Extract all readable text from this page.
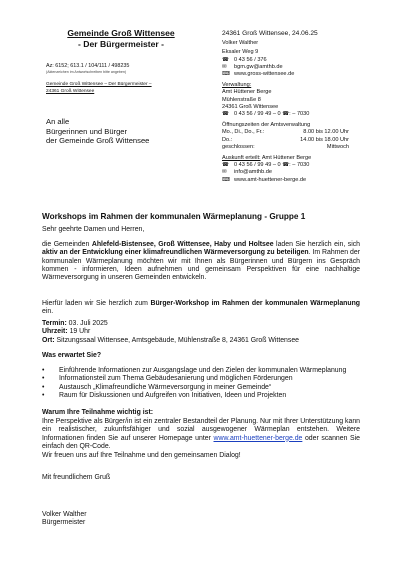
Gemeinde Groß Wittensee
- Der Bürgermeister -
Az: 6152; 613.1 / 104/111 / 498235
(Aktenzeichen im Antwortschreiben bitte angeben)
Gemeinde Groß Wittensee – Der Bürgermeister –
24361 Groß Wittensee
An alle
Bürgerinnen und Bürger
der Gemeinde Groß Wittensee
24361 Groß Wittensee, 24.06.25
Volker Walther
Eksaler Weg 9
☎ 0 43 56 / 376
✉ bgm.gw@amthb.de
⌨ www.gross-wittensee.de
Verwaltung:
Amt Hüttener Berge
Mühlenstraße 8
24361 Groß Wittensee
☎ 0 43 56 / 99 49 – 0 ☎: – 7030
Öffnungszeiten der Amtsverwaltung
Mo., Di., Do., Fr.:	8.00 bis 12.00 Uhr
Do.:	14.00 bis 18.00 Uhr
geschlossen:	Mittwoch
Auskunft erteilt: Amt Hüttener Berge
☎ 0 43 56 / 99 49 – 0 ☎: – 7030
✉ info@amthb.de
⌨ www.amt-huettener-berge.de
Workshops im Rahmen der kommunalen Wärmeplanung - Gruppe 1
Sehr geehrte Damen und Herren,
die Gemeinden Ahlefeld-Bistensee, Groß Wittensee, Haby und Holtsee laden Sie herzlich ein, sich aktiv an der Entwicklung einer klimafreundlichen Wärmeversorgung zu beteiligen. Im Rahmen der kommunalen Wärmeplanung möchten wir mit Ihnen als Bürgerinnen und Bürgern ins Gespräch kommen - informieren, Ideen aufnehmen und gemeinsam Perspektiven für eine nachhaltige Wärmeversorgung in unseren Gemeinden entwickeln.
Hierfür laden wir Sie herzlich zum Bürger-Workshop im Rahmen der kommunalen Wärmeplanung ein.
Termin: 03. Juli 2025
Uhrzeit: 19 Uhr
Ort: Sitzungssaal Wittensee, Amtsgebäude, Mühlenstraße 8, 24361 Groß Wittensee
Was erwartet Sie?
• Einführende Informationen zur Ausgangslage und den Zielen der kommunalen Wärmeplanung
• Informationsteil zum Thema Gebäudesanierung und möglichen Förderungen
• Austausch „Klimafreundliche Wärmeversorgung in meiner Gemeinde“
• Raum für Diskussionen und Aufgreifen von Initiativen, Ideen und Projekten
Warum Ihre Teilnahme wichtig ist:
Ihre Perspektive als Bürger/in ist ein zentraler Bestandteil der Planung. Nur mit Ihrer Unterstützung kann ein realistischer, zukunftsfähiger und sozial ausgewogener Wärmeplan entstehen. Weitere Informationen finden Sie auf unserer Homepage unter www.amt-huettener-berge.de oder scannen Sie einfach den QR-Code.
Wir freuen uns auf Ihre Teilnahme und den gemeinsamen Dialog!
Mit freundlichem Gruß
Volker Walther
Bürgermeister
